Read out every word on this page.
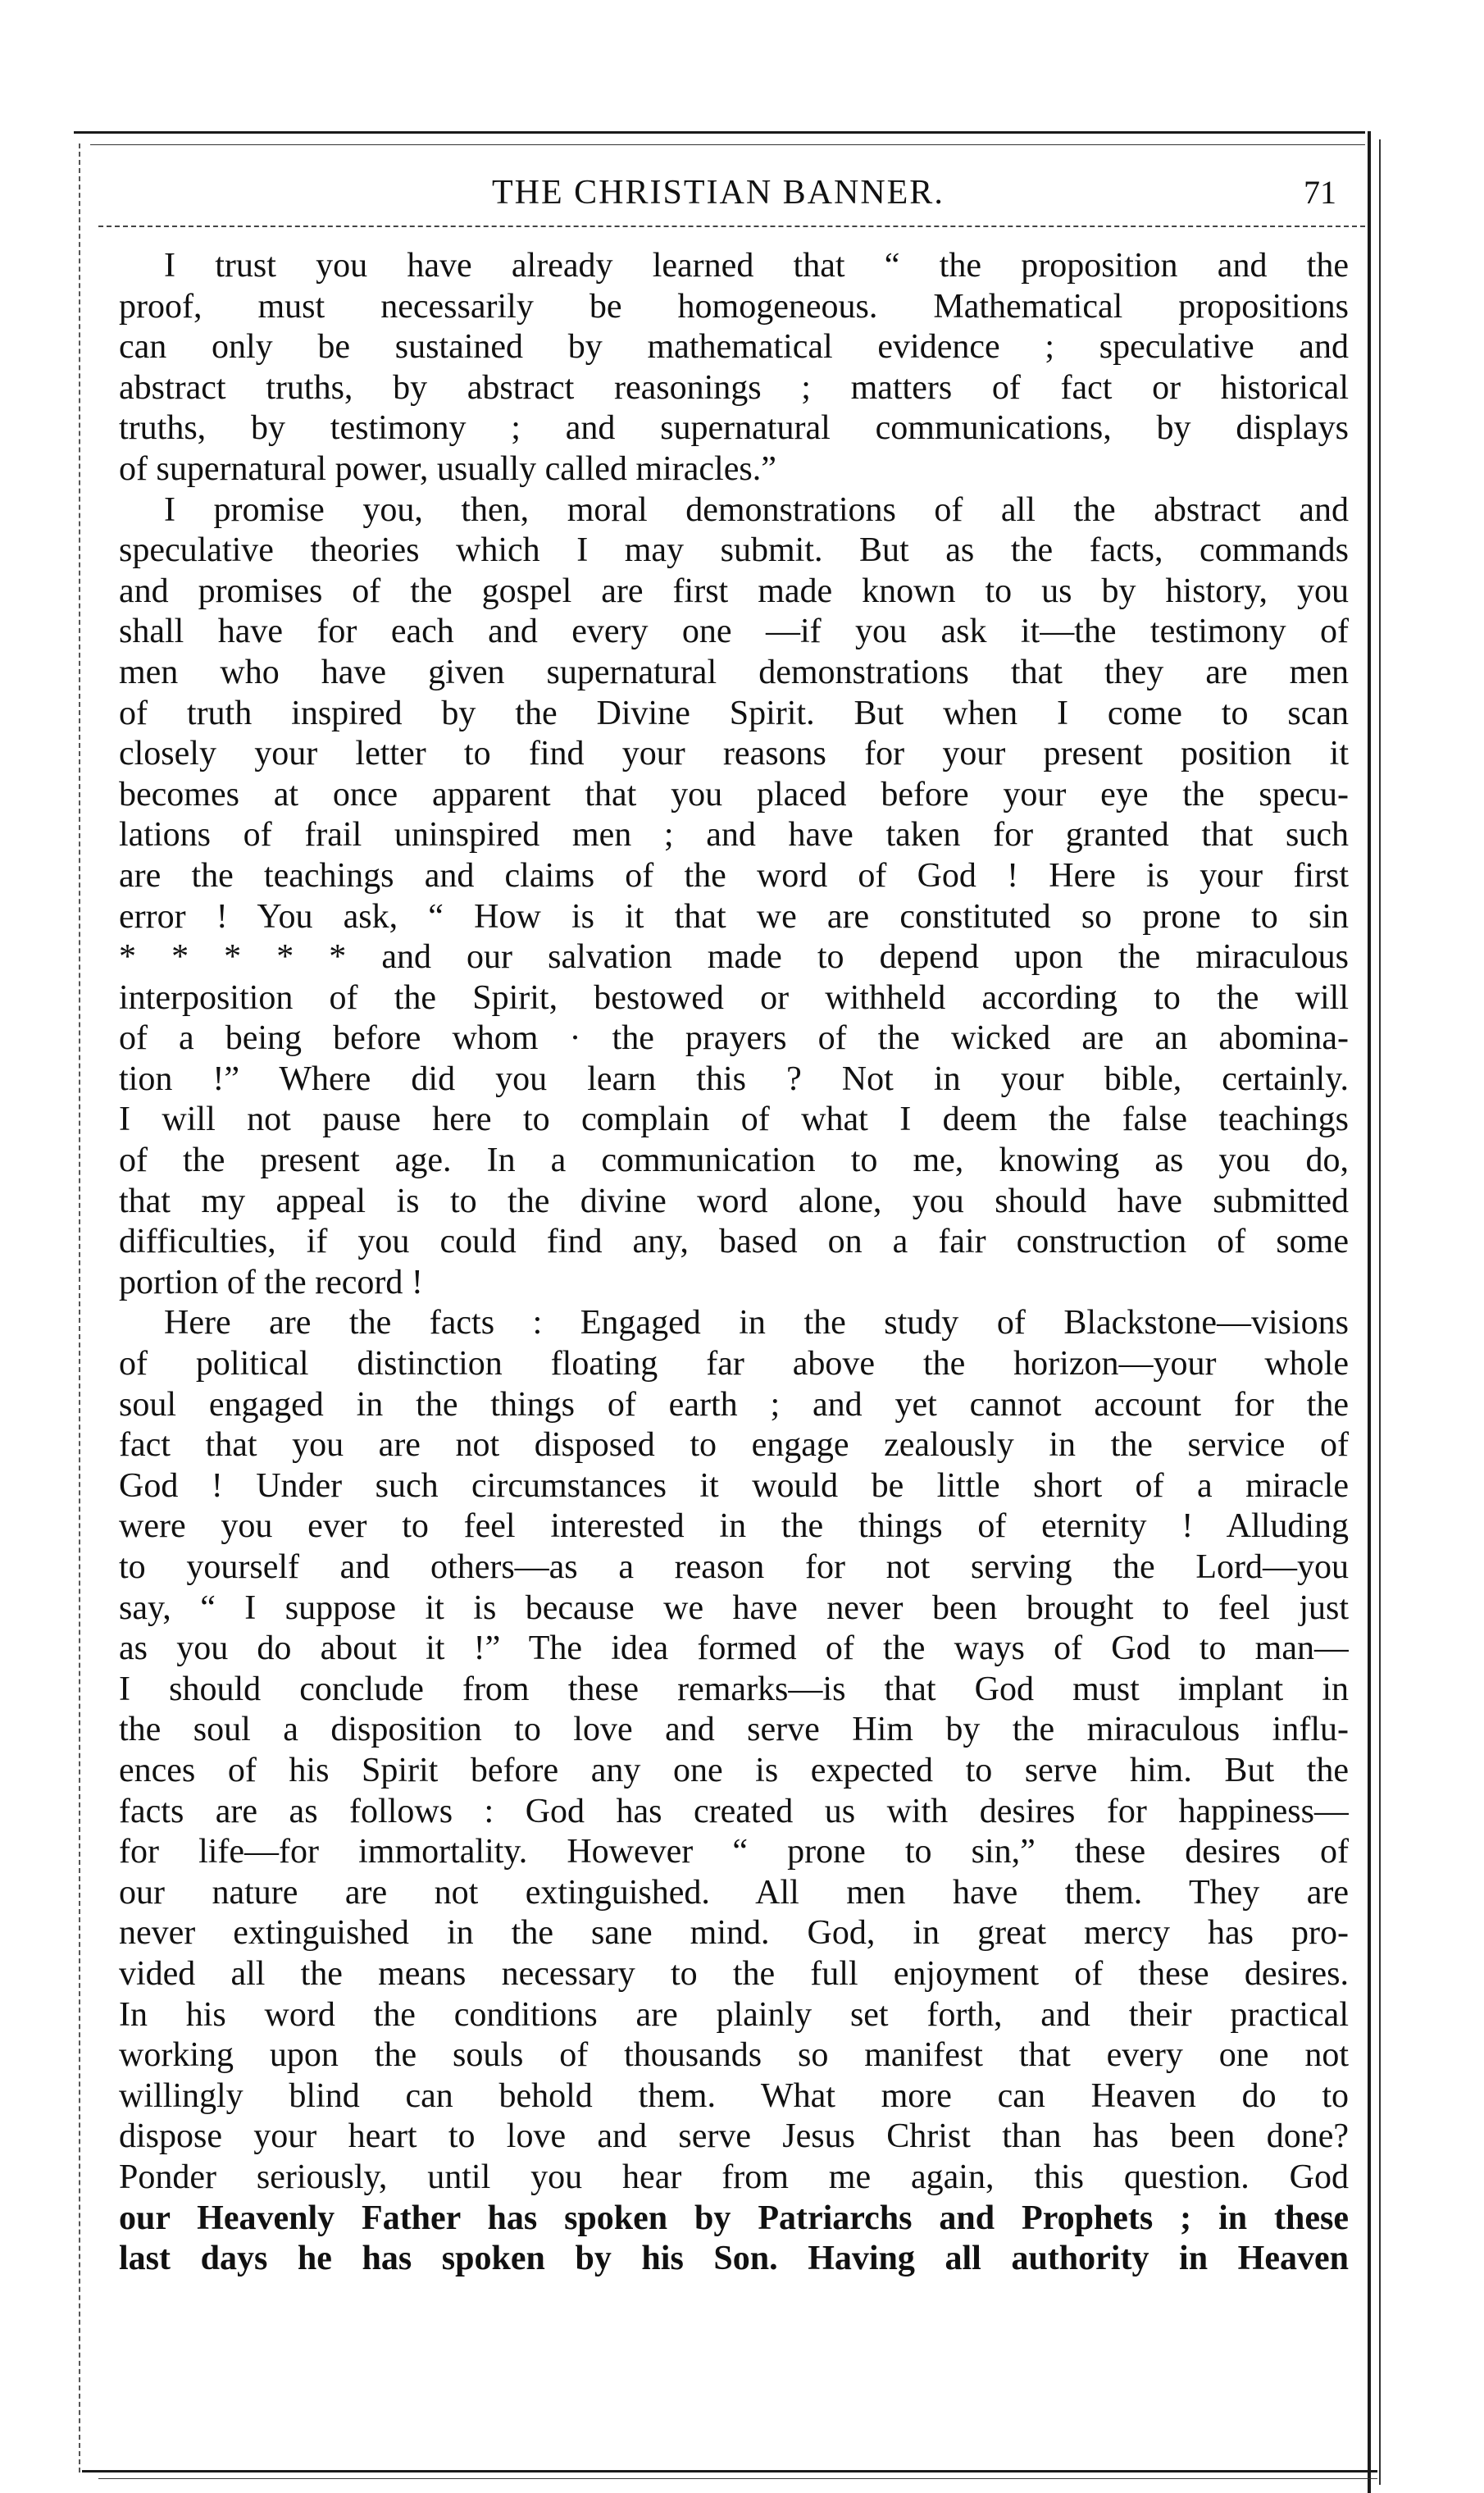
THE CHRISTIAN BANNER.	71
I trust you have already learned that “ the proposition and the
proof, must necessarily be homogeneous. Mathematical propositions
can only be sustained by mathematical evidence ; speculative and
abstract truths, by abstract reasonings ; matters of fact or historical
truths, by testimony ; and supernatural communications, by displays
of supernatural power, usually called miracles.”
I promise you, then, moral demonstrations of all the abstract and
speculative theories which I may submit. But as the facts, commands
and promises of the gospel are first made known to us by history, you
shall have for each and every one —if you ask it—the testimony of
men who have given supernatural demonstrations that they are men
of truth inspired by the Divine Spirit. But when I come to scan
closely your letter to find your reasons for your present position it
becomes at once apparent that you placed before your eye the specu-
lations of frail uninspired men ; and have taken for granted that such
are the teachings and claims of the word of God ! Here is your first
error ! You ask, “ How is it that we are constituted so prone to sin
* * * * * and our salvation made to depend upon the miraculous
interposition of the Spirit, bestowed or withheld according to the will
of a being before whom · the prayers of the wicked are an abomina-
tion !” Where did you learn this ? Not in your bible, certainly.
I will not pause here to complain of what I deem the false teachings
of the present age. In a communication to me, knowing as you do,
that my appeal is to the divine word alone, you should have submitted
difficulties, if you could find any, based on a fair construction of some
portion of the record !
Here are the facts : Engaged in the study of Blackstone—visions
of political distinction floating far above the horizon—your whole
soul engaged in the things of earth ; and yet cannot account for the
fact that you are not disposed to engage zealously in the service of
God ! Under such circumstances it would be little short of a miracle
were you ever to feel interested in the things of eternity ! Alluding
to yourself and others—as a reason for not serving the Lord—you
say, “ I suppose it is because we have never been brought to feel just
as you do about it !” The idea formed of the ways of God to man—
I should conclude from these remarks—is that God must implant in
the soul a disposition to love and serve Him by the miraculous influ-
ences of his Spirit before any one is expected to serve him. But the
facts are as follows : God has created us with desires for happiness—
for life—for immortality. However “ prone to sin,” these desires of
our nature are not extinguished. All men have them. They are
never extinguished in the sane mind. God, in great mercy has pro-
vided all the means necessary to the full enjoyment of these desires.
In his word the conditions are plainly set forth, and their practical
working upon the souls of thousands so manifest that every one not
willingly blind can behold them. What more can Heaven do to
dispose your heart to love and serve Jesus Christ than has been done?
Ponder seriously, until you hear from me again, this question. God
our Heavenly Father has spoken by Patriarchs and Prophets ; in these
last days he has spoken by his Son. Having all authority in Heaven
